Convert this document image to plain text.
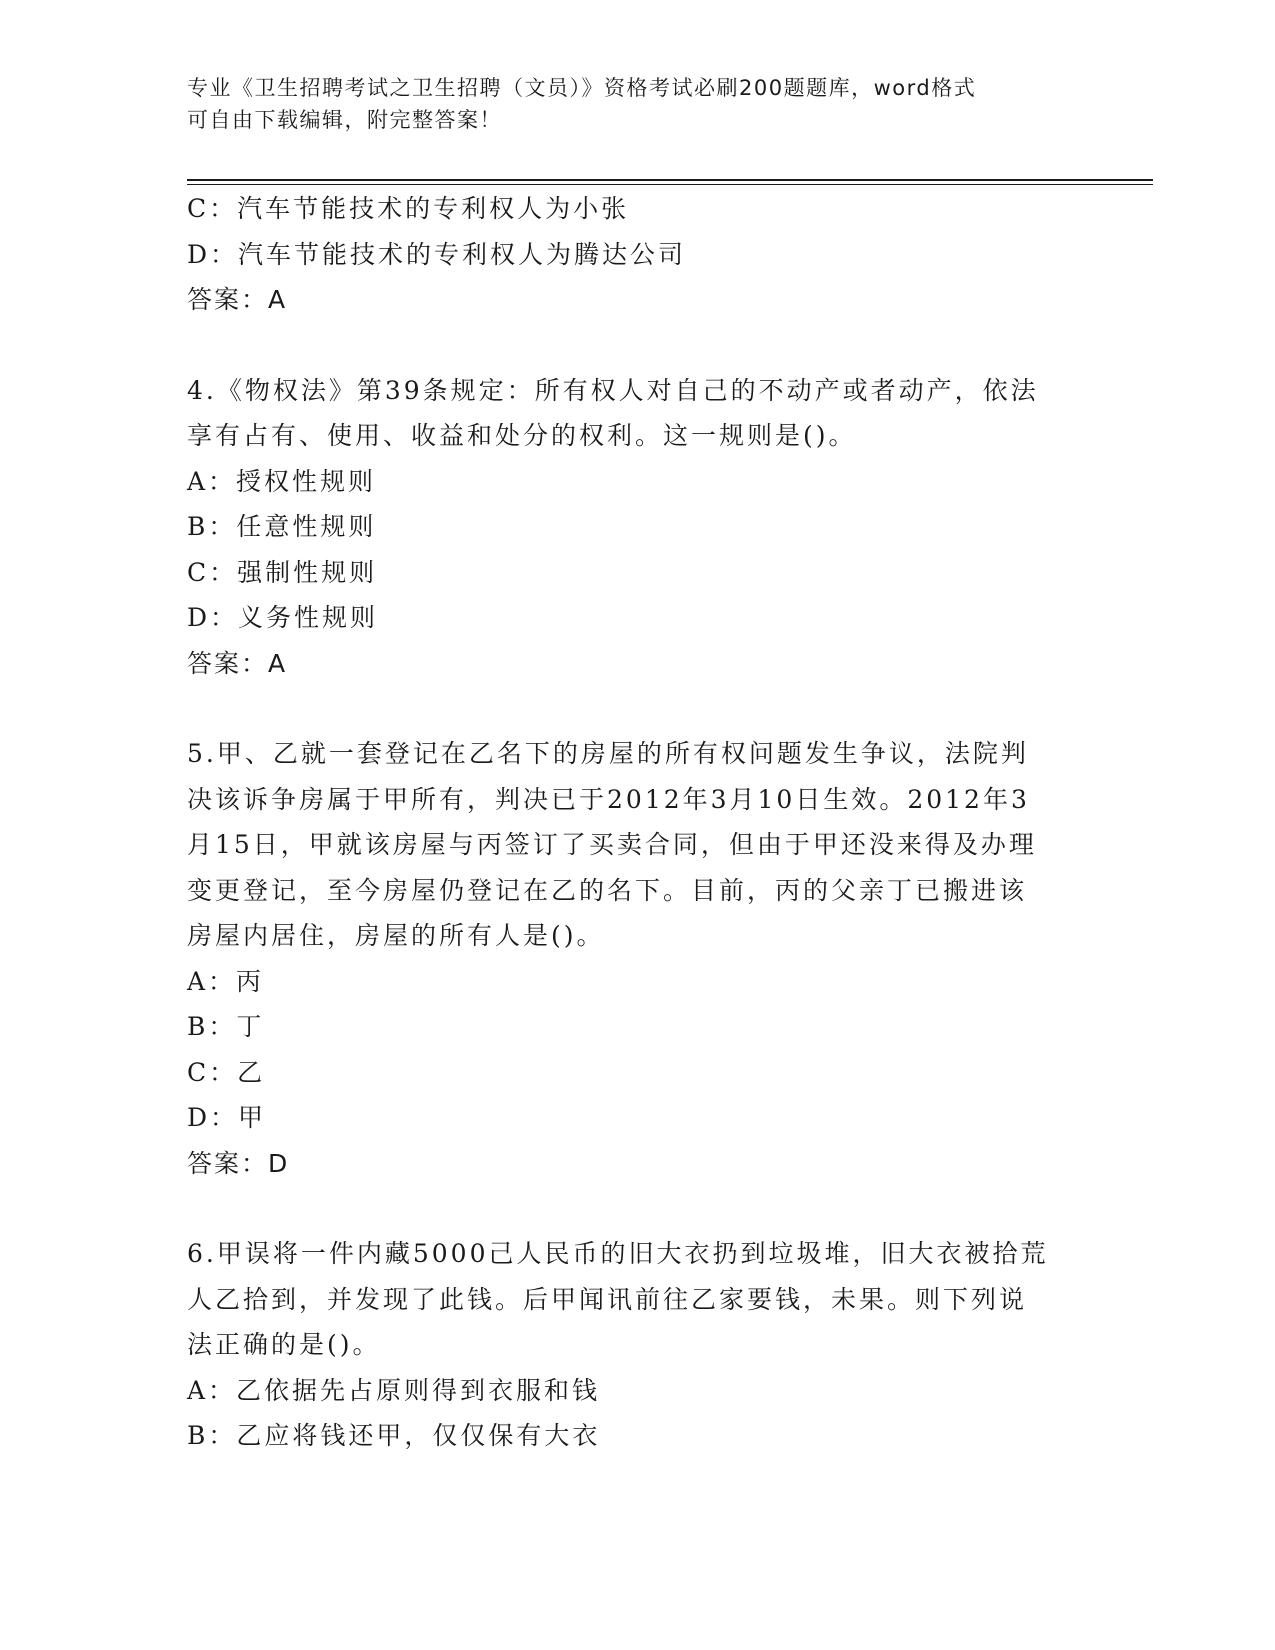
专业《卫生招聘考试之卫生招聘（文员）》资格考试必刷200题题库，word格式
可自由下载编辑，附完整答案！
C：汽车节能技术的专利权人为小张
D：汽车节能技术的专利权人为腾达公司
答案：A
4.《物权法》第39条规定：所有权人对自己的不动产或者动产，依法
享有占有、使用、收益和处分的权利。这一规则是()。
A：授权性规则
B：任意性规则
C：强制性规则
D：义务性规则
答案：A
5.甲、乙就一套登记在乙名下的房屋的所有权问题发生争议，法院判
决该诉争房属于甲所有，判决已于2012年3月10日生效。2012年3
月15日，甲就该房屋与丙签订了买卖合同，但由于甲还没来得及办理
变更登记，至今房屋仍登记在乙的名下。目前，丙的父亲丁已搬进该
房屋内居住，房屋的所有人是()。
A：丙
B：丁
C：乙
D：甲
答案：D
6.甲误将一件内藏5000己人民币的旧大衣扔到垃圾堆，旧大衣被拾荒
人乙拾到，并发现了此钱。后甲闻讯前往乙家要钱，未果。则下列说
法正确的是()。
A：乙依据先占原则得到衣服和钱
B：乙应将钱还甲，仅仅保有大衣
